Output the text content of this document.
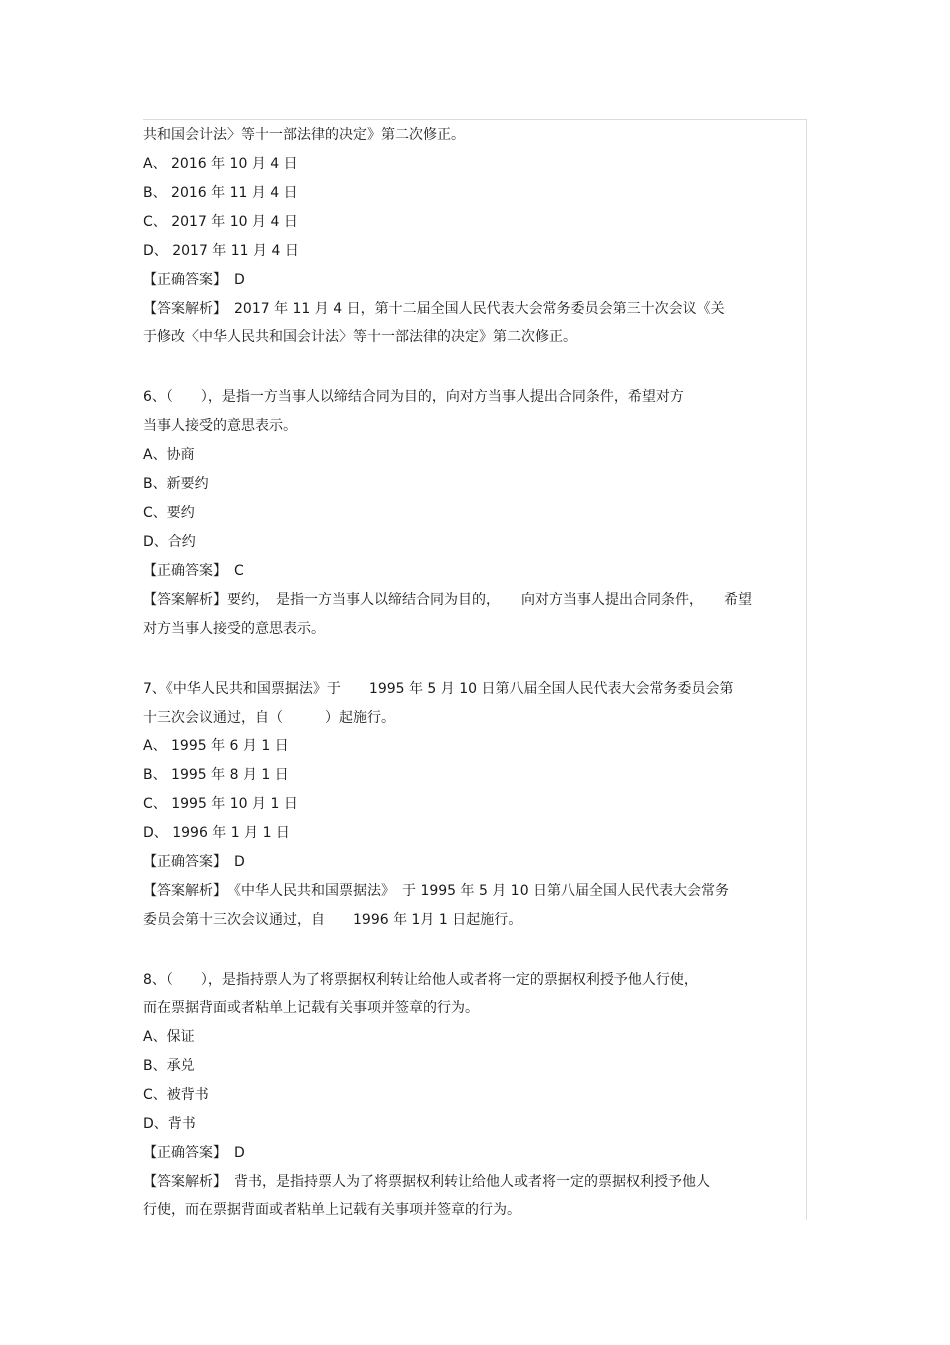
共和国会计法〉等十一部法律的决定》第二次修正。
A、 2016 年 10 月 4 日
B、 2016 年 11 月 4 日
C、 2017 年 10 月 4 日
D、 2017 年 11 月 4 日
【正确答案】　D
【答案解析】　2017 年 11 月 4 日，第十二届全国人民代表大会常务委员会第三十次会议《关
于修改〈中华人民共和国会计法〉等十一部法律的决定》第二次修正。
6、（　　），是指一方当事人以缔结合同为目的，向对方当事人提出合同条件，希望对方
当事人接受的意思表示。
A、协商
B、新要约
C、要约
D、合约
【正确答案】　C
【答案解析】要约，　是指一方当事人以缔结合同为目的，　　向对方当事人提出合同条件，　　希望
对方当事人接受的意思表示。
7、《中华人民共和国票据法》于　　1995 年 5 月 10 日第八届全国人民代表大会常务委员会第
十三次会议通过，自（　　　）起施行。
A、 1995 年 6 月 1 日
B、 1995 年 8 月 1 日
C、 1995 年 10 月 1 日
D、 1996 年 1 月 1 日
【正确答案】　D
【答案解析】　《中华人民共和国票据法》　于 1995 年 5 月 10 日第八届全国人民代表大会常务
委员会第十三次会议通过，自　　1996 年 1月 1 日起施行。
8、（　　），是指持票人为了将票据权利转让给他人或者将一定的票据权利授予他人行使，
而在票据背面或者粘单上记载有关事项并签章的行为。
A、保证
B、承兑
C、被背书
D、背书
【正确答案】　D
【答案解析】　背书，是指持票人为了将票据权利转让给他人或者将一定的票据权利授予他人
行使，而在票据背面或者粘单上记载有关事项并签章的行为。
